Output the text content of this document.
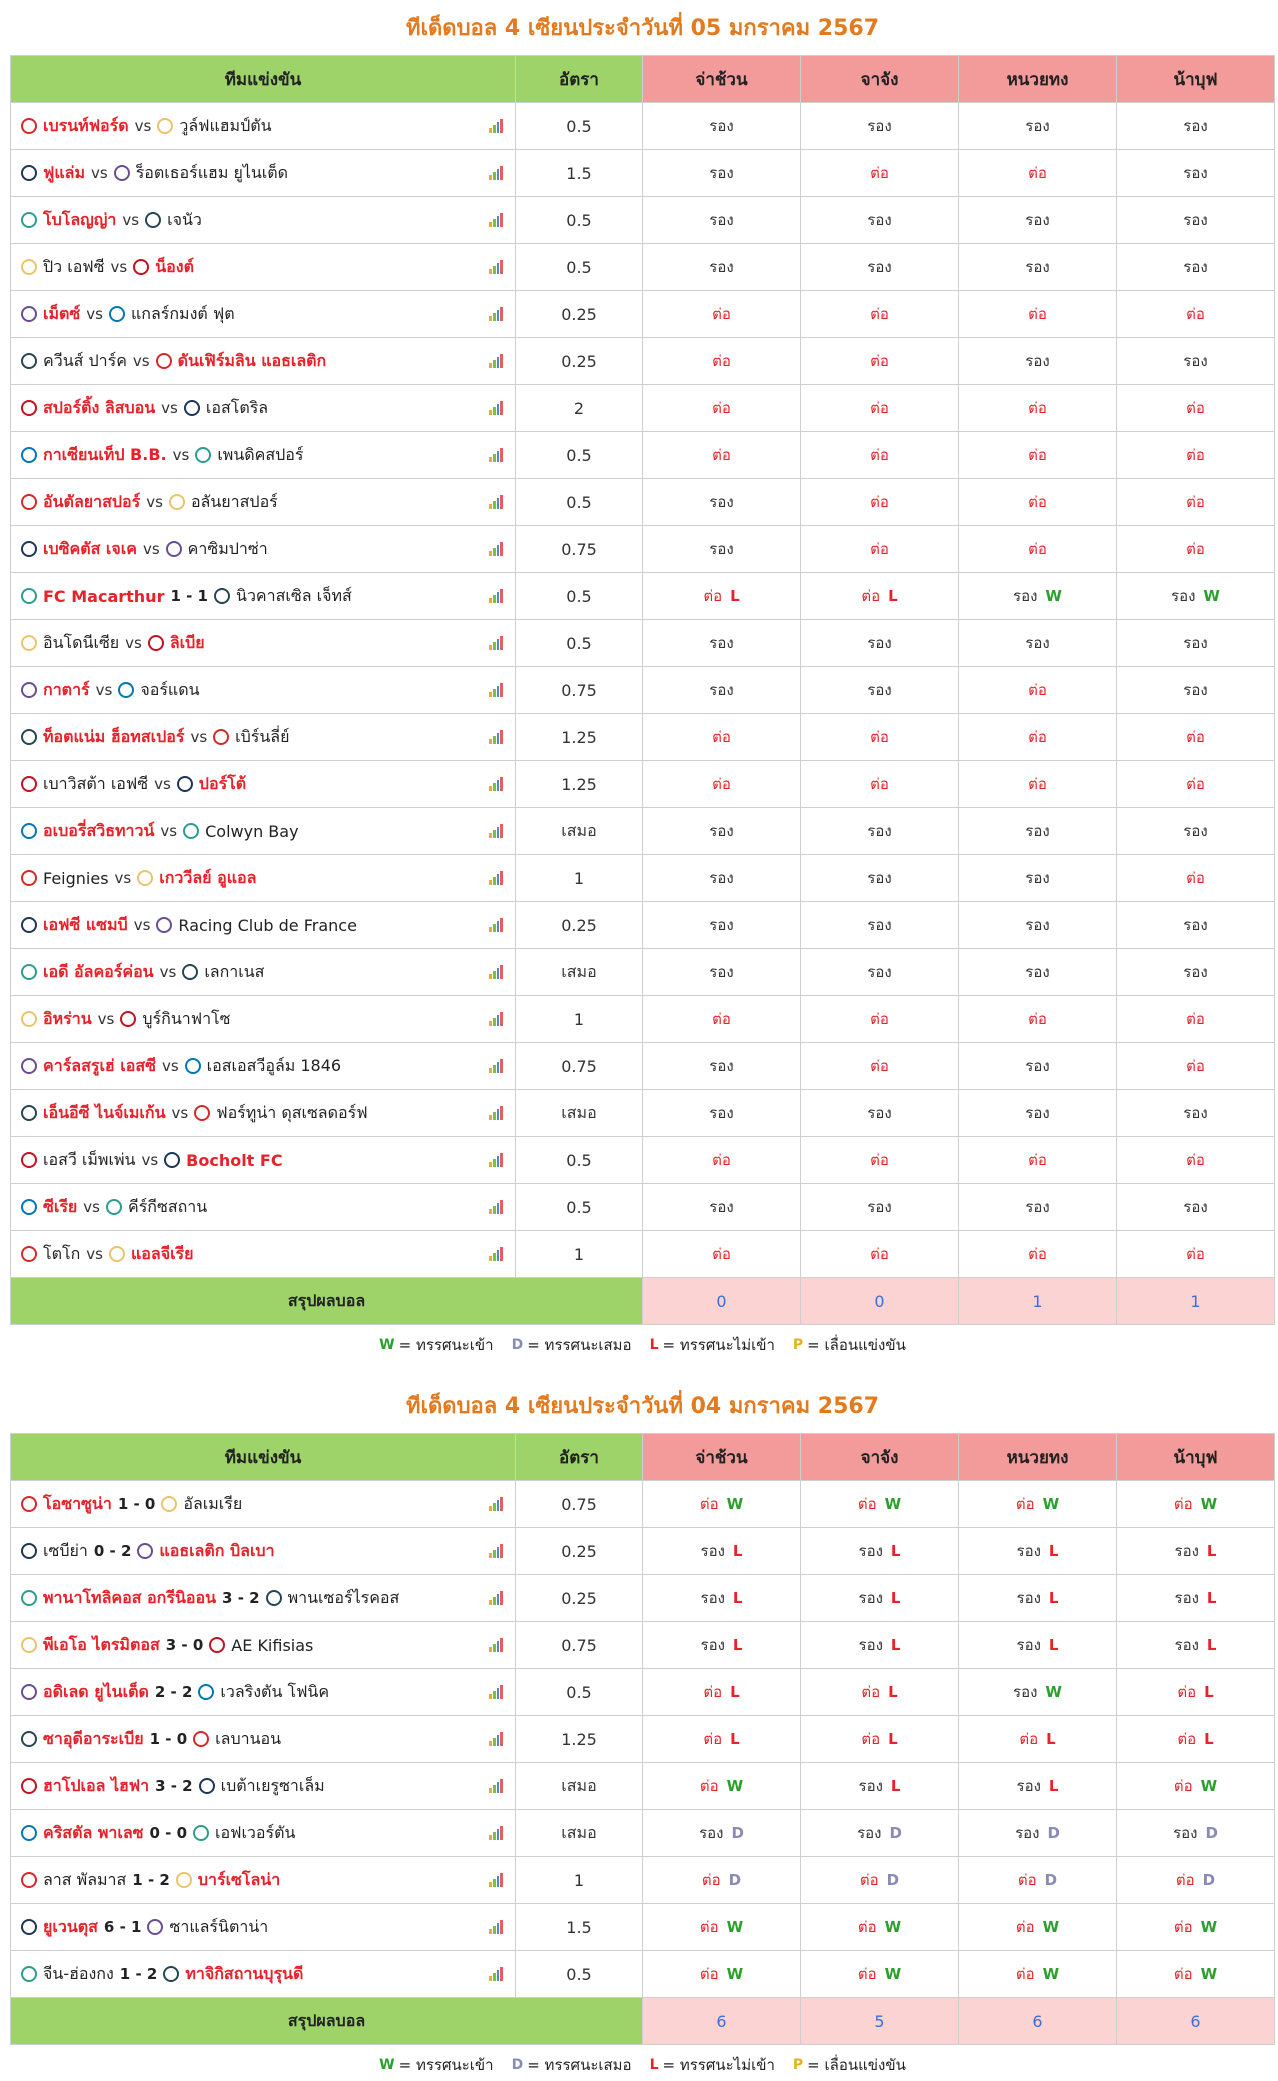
ทีเด็ดบอล 4 เซียนประจำวันที่ 05 มกราคม 2567
ทีมแข่งขัน	อัตรา	จ่าช้วน	จาจัง	หนวยทง	น้าบุฟ

เบรนท์ฟอร์ด vs วูล์ฟแฮมป์ตัน	0.5	รอง	รอง	รอง	รอง

ฟูแล่ม vs ร็อตเธอร์แฮม ยูไนเต็ด	1.5	รอง	ต่อ	ต่อ	รอง

โบโลญญ่า vs เจนัว	0.5	รอง	รอง	รอง	รอง

ปิว เอฟซี vs น็องต์	0.5	รอง	รอง	รอง	รอง

เม็ตซ์ vs แกลร์กมงต์ ฟุต	0.25	ต่อ	ต่อ	ต่อ	ต่อ

ควีนส์ ปาร์ค vs ดันเฟิร์มลิน แอธเลติก	0.25	ต่อ	ต่อ	รอง	รอง

สปอร์ติ้ง ลิสบอน vs เอสโตริล	2	ต่อ	ต่อ	ต่อ	ต่อ

กาเซียนเท็ป B.B. vs เพนดิคสปอร์	0.5	ต่อ	ต่อ	ต่อ	ต่อ

อันตัลยาสปอร์ vs อลันยาสปอร์	0.5	รอง	ต่อ	ต่อ	ต่อ

เบซิคตัส เจเค vs คาซิมปาซ่า	0.75	รอง	ต่อ	ต่อ	ต่อ

FC Macarthur 1 - 1 นิวคาสเซิล เจ็ทส์	0.5	ต่อ L	ต่อ L	รอง W	รอง W

อินโดนีเซีย vs ลิเบีย	0.5	รอง	รอง	รอง	รอง

กาตาร์ vs จอร์แดน	0.75	รอง	รอง	ต่อ	รอง

ท็อตแน่ม ฮ็อทสเปอร์ vs เบิร์นลี่ย์	1.25	ต่อ	ต่อ	ต่อ	ต่อ

เบาวิสต้า เอฟซี vs ปอร์โต้	1.25	ต่อ	ต่อ	ต่อ	ต่อ

อเบอรี่สวิธทาวน์ vs Colwyn Bay	เสมอ	รอง	รอง	รอง	รอง

Feignies vs เกววีลย์ อูแอล	1	รอง	รอง	รอง	ต่อ

เอฟซี แซมบี vs Racing Club de France	0.25	รอง	รอง	รอง	รอง

เอดี อัลคอร์ค่อน vs เลกาเนส	เสมอ	รอง	รอง	รอง	รอง

อิหร่าน vs บูร์กินาฟาโซ	1	ต่อ	ต่อ	ต่อ	ต่อ

คาร์ลสรูเฮ่ เอสซี vs เอสเอสวีอูล์ม 1846	0.75	รอง	ต่อ	รอง	ต่อ

เอ็นอีซี ไนจ์เมเก้น vs ฟอร์ทูน่า ดุสเซลดอร์ฟ	เสมอ	รอง	รอง	รอง	รอง

เอสวี เม็พเพ่น vs Bocholt FC	0.5	ต่อ	ต่อ	ต่อ	ต่อ

ซีเรีย vs คีร์กีซสถาน	0.5	รอง	รอง	รอง	รอง

โตโก vs แอลจีเรีย	1	ต่อ	ต่อ	ต่อ	ต่อ
สรุปผลบอล		0	0	1	1
W = ทรรศนะเข้า D = ทรรศนะเสมอ L = ทรรศนะไม่เข้า P = เลื่อนแข่งขัน
ทีเด็ดบอล 4 เซียนประจำวันที่ 04 มกราคม 2567
ทีมแข่งขัน	อัตรา	จ่าช้วน	จาจัง	หนวยทง	น้าบุฟ

โอซาซูน่า 1 - 0 อัลเมเรีย	0.75	ต่อ W	ต่อ W	ต่อ W	ต่อ W

เซบีย่า 0 - 2 แอธเลติก บิลเบา	0.25	รอง L	รอง L	รอง L	รอง L

พานาโทลิคอส อกรีนิออน 3 - 2 พานเซอร์ไรคอส	0.25	รอง L	รอง L	รอง L	รอง L

พีเอโอ ไตรมิตอส 3 - 0 AE Kifisias	0.75	รอง L	รอง L	รอง L	รอง L

อดิเลด ยูไนเต็ด 2 - 2 เวลริงตัน โฟนิค	0.5	ต่อ L	ต่อ L	รอง W	ต่อ L

ซาอุดีอาระเบีย 1 - 0 เลบานอน	1.25	ต่อ L	ต่อ L	ต่อ L	ต่อ L

ฮาโปเอล ไฮฟา 3 - 2 เบต้าเยรูซาเล็ม	เสมอ	ต่อ W	รอง L	รอง L	ต่อ W

คริสตัล พาเลซ 0 - 0 เอฟเวอร์ตัน	เสมอ	รอง D	รอง D	รอง D	รอง D

ลาส พัลมาส 1 - 2 บาร์เซโลน่า	1	ต่อ D	ต่อ D	ต่อ D	ต่อ D

ยูเวนตุส 6 - 1 ซาแลร์นิตาน่า	1.5	ต่อ W	ต่อ W	ต่อ W	ต่อ W

จีน-ฮ่องกง 1 - 2 ทาจิกิสถานบุรุนดี	0.5	ต่อ W	ต่อ W	ต่อ W	ต่อ W
สรุปผลบอล		6	5	6	6
W = ทรรศนะเข้า D = ทรรศนะเสมอ L = ทรรศนะไม่เข้า P = เลื่อนแข่งขัน
